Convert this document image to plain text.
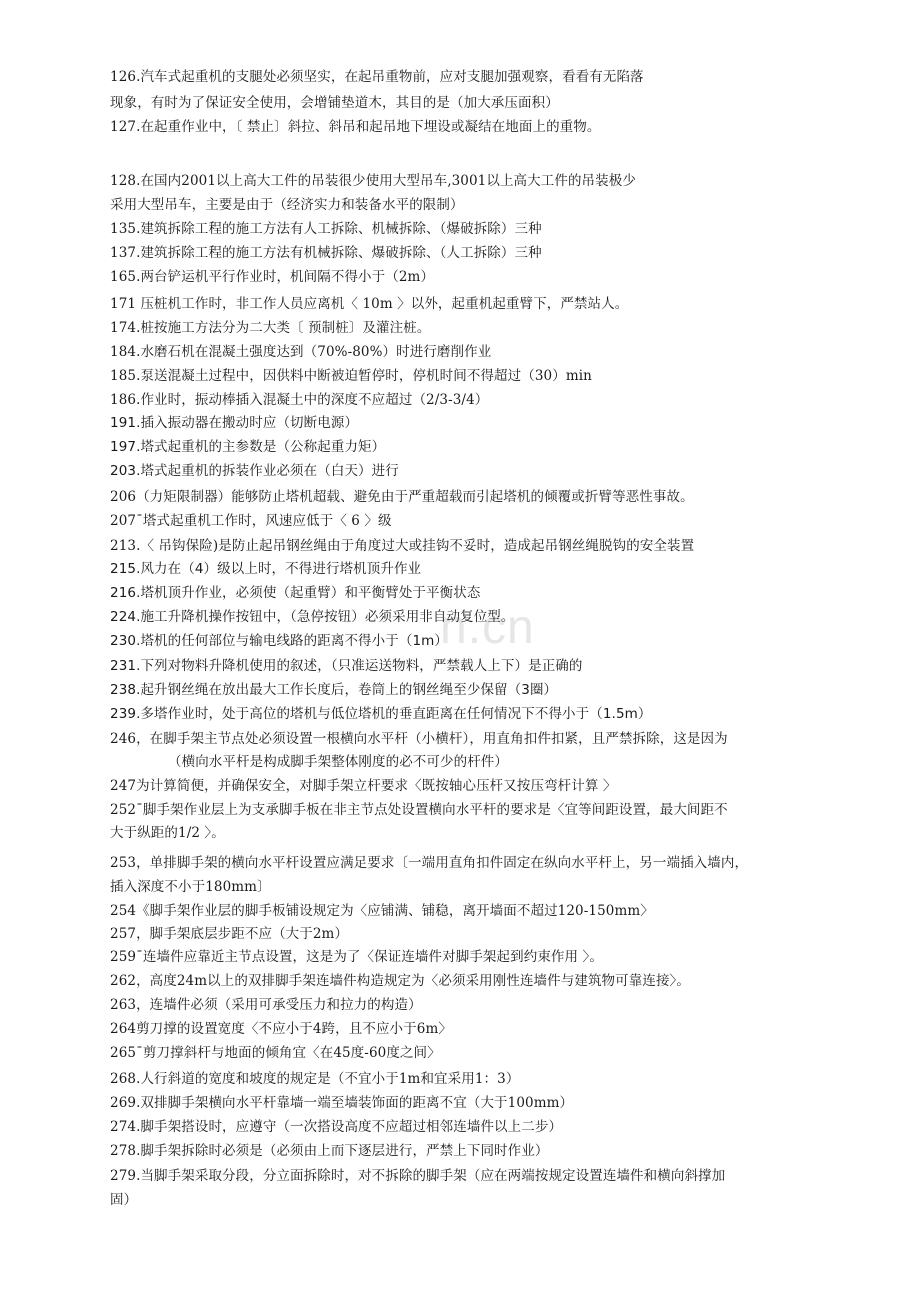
n.cn
126.汽车式起重机的支腿处必须坚实，在起吊重物前，应对支腿加强观察，看看有无陷落
现象，有时为了保证安全使用，会增铺垫道木，其目的是（加大承压面积）
127.在起重作业中，〔 禁止〕斜拉、斜吊和起吊地下埋设或凝结在地面上的重物。
128.在国内2001以上高大工件的吊装很少使用大型吊车,3001以上高大工件的吊装极少
采用大型吊车，主要是由于（经济实力和装备水平的限制）
135.建筑拆除工程的施工方法有人工拆除、机械拆除、（爆破拆除）三种
137.建筑拆除工程的施工方法有机械拆除、爆破拆除、（人工拆除）三种
165.两台铲运机平行作业时，机间隔不得小于（2m）
171 压桩机工作时，非工作人员应离机〈 10m 〉以外，起重机起重臂下，严禁站人。
174.桩按施工方法分为二大类〔 预制桩〕及灌注桩。
184.水磨石机在混凝土强度达到（70%-80%）时进行磨削作业
185.泵送混凝土过程中，因供料中断被迫暂停时，停机时间不得超过（30）min
186.作业时，振动棒插入混凝土中的深度不应超过（2/3-3/4）
191.插入振动器在搬动时应（切断电源）
197.塔式起重机的主参数是（公称起重力矩）
203.塔式起重机的拆装作业必须在（白天）进行
206（力矩限制器）能够防止塔机超载、避免由于严重超载而引起塔机的倾覆或折臂等恶性事故。
207ˉ塔式起重机工作时，风速应低于〈 6 〉级
213.〈 吊钩保险)是防止起吊钢丝绳由于角度过大或挂钩不妥时，造成起吊钢丝绳脱钩的安全装置
215.风力在（4）级以上时，不得进行塔机顶升作业
216.塔机顶升作业，必须使（起重臂）和平衡臂处于平衡状态
224.施工升降机操作按钮中，（急停按钮）必须采用非自动复位型。
230.塔机的任何部位与输电线路的距离不得小于（1m）
231.下列对物料升降机使用的叙述，（只准运送物料，严禁载人上下）是正确的
238.起升钢丝绳在放出最大工作长度后，卷筒上的钢丝绳至少保留（3圈）
239.多塔作业时，处于高位的塔机与低位塔机的垂直距离在任何情况下不得小于（1.5m）
246，在脚手架主节点处必须设置一根横向水平杆（小横杆），用直角扣件扣紧，且严禁拆除，这是因为
（横向水平杆是构成脚手架整体刚度的必不可少的杆件）
247为计算简便，并确保安全，对脚手架立杆要求〈既按轴心压杆又按压弯杆计算 〉
252ˉ脚手架作业层上为支承脚手板在非主节点处设置横向水平杆的要求是〈宜等间距设置，最大间距不
大于纵距的1/2 〉。
253，单排脚手架的横向水平杆设置应满足要求〔一端用直角扣件固定在纵向水平杆上，另一端插入墙内，
插入深度不小于180mm〕
254《脚手架作业层的脚手板铺设规定为〈应铺满、铺稳，离开墙面不超过120-150mm〉
257，脚手架底层步距不应（大于2m）
259ˉ连墙件应靠近主节点设置，这是为了〈保证连墙件对脚手架起到约束作用 〉。
262，高度24m以上的双排脚手架连墙件构造规定为〈必须采用刚性连墙件与建筑物可靠连接〉。
263，连墙件必须（采用可承受压力和拉力的构造）
264剪刀撑的设置宽度〈不应小于4跨，且不应小于6m〉
265ˉ剪刀撑斜杆与地面的倾角宜〈在45度-60度之间〉
268.人行斜道的宽度和坡度的规定是（不宜小于1m和宜采用1：3）
269.双排脚手架横向水平杆靠墙一端至墙装饰面的距离不宜（大于100mm）
274.脚手架搭设时，应遵守（一次搭设高度不应超过相邻连墙件以上二步）
278.脚手架拆除时必须是（必须由上而下逐层进行，严禁上下同时作业）
279.当脚手架采取分段，分立面拆除时，对不拆除的脚手架（应在两端按规定设置连墙件和横向斜撑加
固）
